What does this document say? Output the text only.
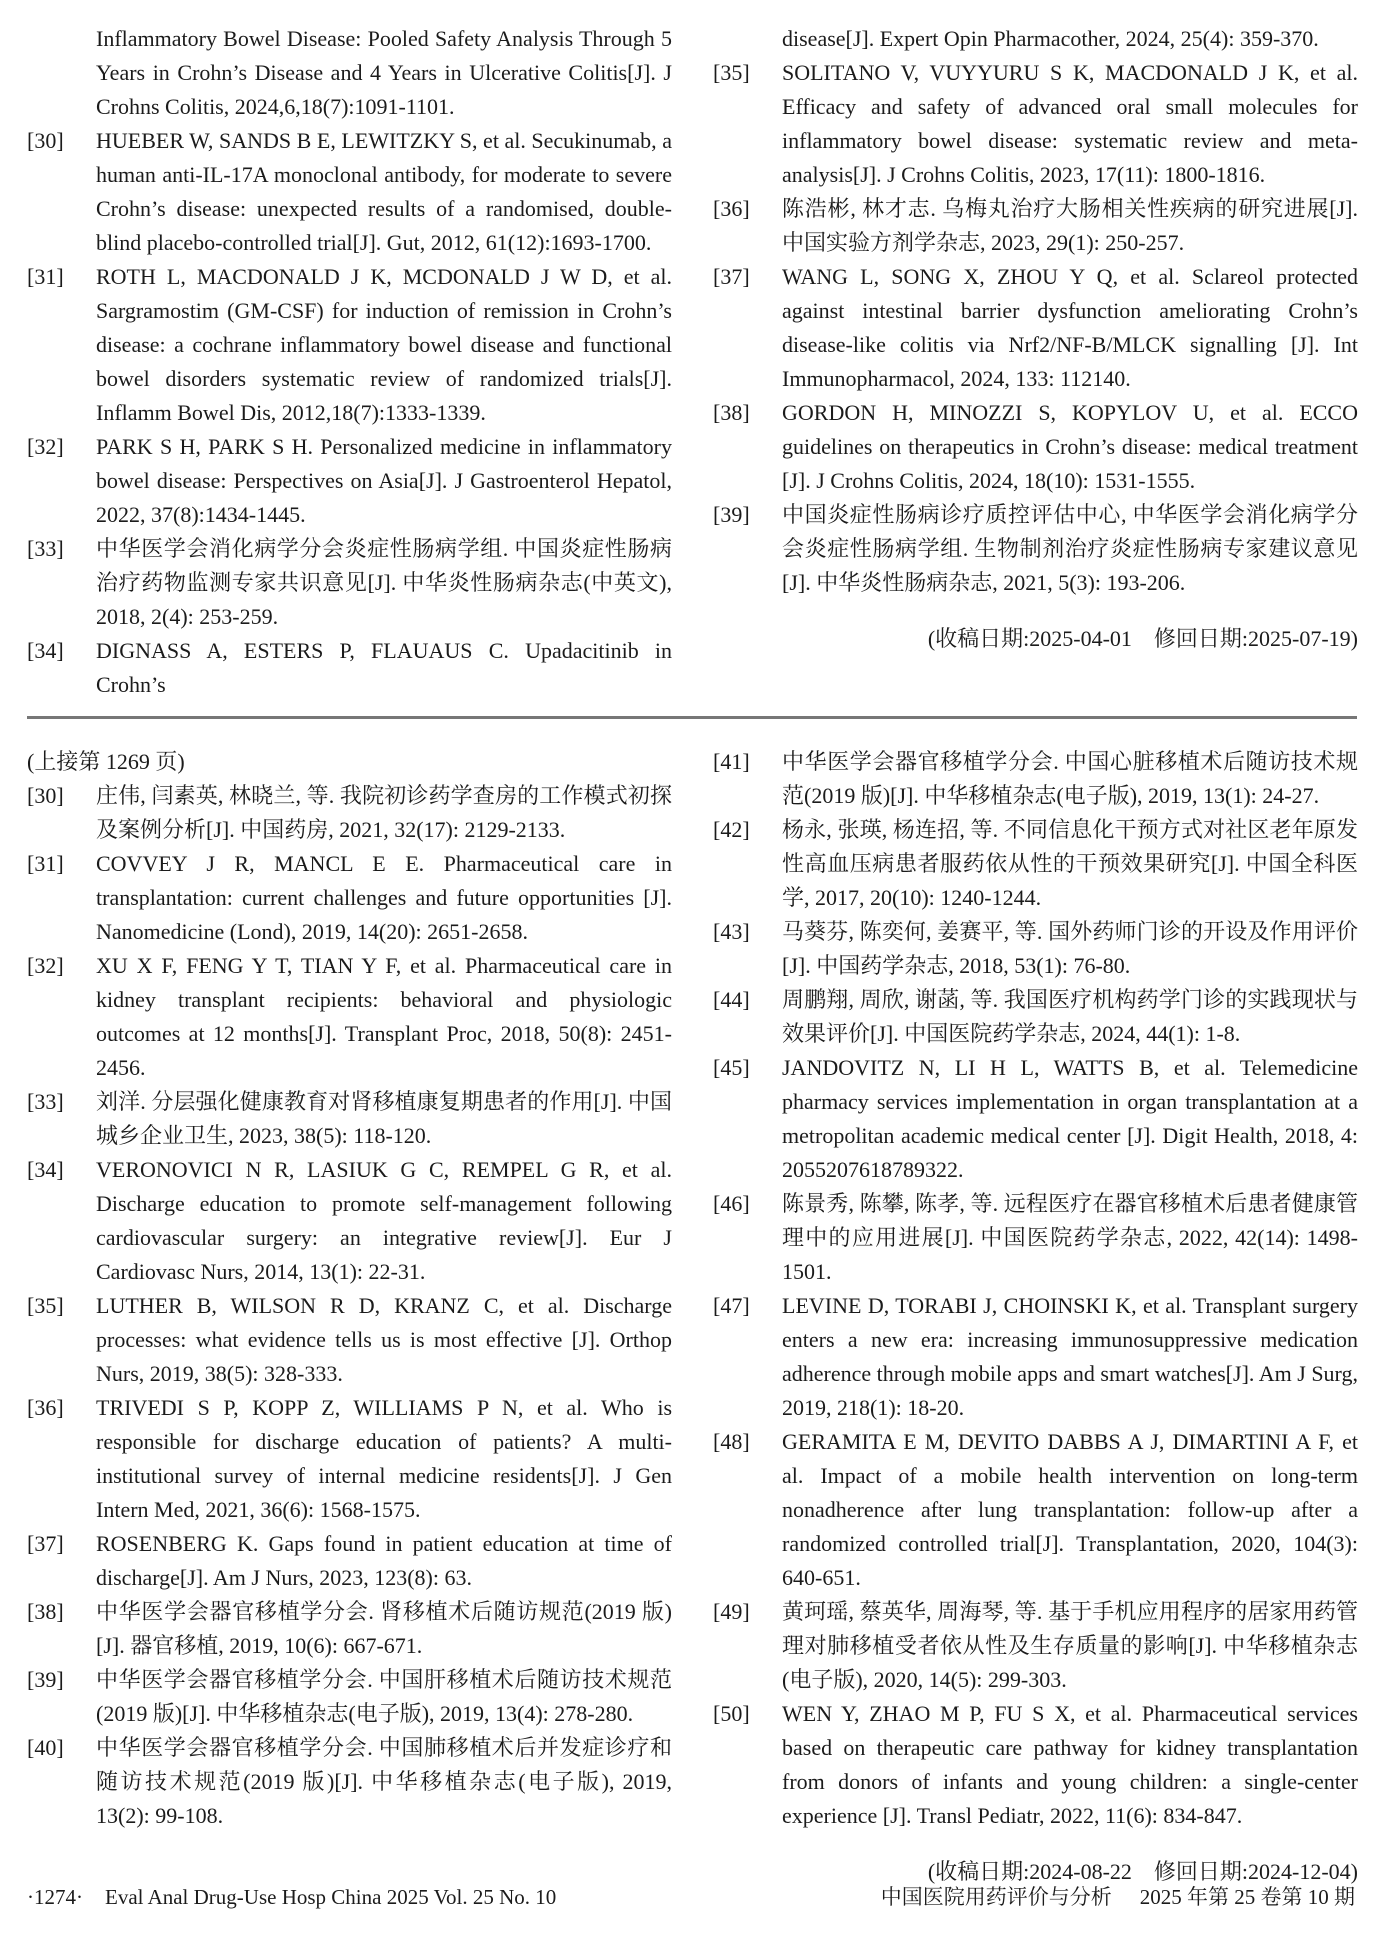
Inflammatory Bowel Disease: Pooled Safety Analysis Through 5 Years in Crohn’s Disease and 4 Years in Ulcerative Colitis[J]. J Crohns Colitis, 2024,6,18(7):1091-1101.
[30]	HUEBER W, SANDS B E, LEWITZKY S, et al. Secukinumab, a human anti-IL-17A monoclonal antibody, for moderate to severe Crohn’s disease: unexpected results of a randomised, double-blind placebo-controlled trial[J]. Gut, 2012, 61(12):1693-1700.
[31]	ROTH L, MACDONALD J K, MCDONALD J W D, et al. Sargramostim (GM-CSF) for induction of remission in Crohn’s disease: a cochrane inflammatory bowel disease and functional bowel disorders systematic review of randomized trials[J]. Inflamm Bowel Dis, 2012,18(7):1333-1339.
[32]	PARK S H, PARK S H. Personalized medicine in inflammatory bowel disease: Perspectives on Asia[J]. J Gastroenterol Hepatol, 2022, 37(8):1434-1445.
[33]	中华医学会消化病学分会炎症性肠病学组. 中国炎症性肠病治疗药物监测专家共识意见[J]. 中华炎性肠病杂志(中英文), 2018, 2(4): 253-259.
[34]	DIGNASS A, ESTERS P, FLAUAUS C. Upadacitinib in Crohn’s
disease[J]. Expert Opin Pharmacother, 2024, 25(4): 359-370.
[35]	SOLITANO V, VUYYURU S K, MACDONALD J K, et al. Efficacy and safety of advanced oral small molecules for inflammatory bowel disease: systematic review and meta-analysis[J]. J Crohns Colitis, 2023, 17(11): 1800-1816.
[36]	陈浩彬, 林才志. 乌梅丸治疗大肠相关性疾病的研究进展[J]. 中国实验方剂学杂志, 2023, 29(1): 250-257.
[37]	WANG L, SONG X, ZHOU Y Q, et al. Sclareol protected against intestinal barrier dysfunction ameliorating Crohn’s disease-like colitis via Nrf2/NF-B/MLCK signalling [J]. Int Immunopharmacol, 2024, 133: 112140.
[38]	GORDON H, MINOZZI S, KOPYLOV U, et al. ECCO guidelines on therapeutics in Crohn’s disease: medical treatment [J]. J Crohns Colitis, 2024, 18(10): 1531-1555.
[39]	中国炎症性肠病诊疗质控评估中心, 中华医学会消化病学分会炎症性肠病学组. 生物制剂治疗炎症性肠病专家建议意见[J]. 中华炎性肠病杂志, 2021, 5(3): 193-206.
(收稿日期:2025-04-01　修回日期:2025-07-19)
(上接第 1269 页)
[30]	庄伟, 闫素英, 林晓兰, 等. 我院初诊药学查房的工作模式初探及案例分析[J]. 中国药房, 2021, 32(17): 2129-2133.
[31]	COVVEY J R, MANCL E E. Pharmaceutical care in transplantation: current challenges and future opportunities [J]. Nanomedicine (Lond), 2019, 14(20): 2651-2658.
[32]	XU X F, FENG Y T, TIAN Y F, et al. Pharmaceutical care in kidney transplant recipients: behavioral and physiologic outcomes at 12 months[J]. Transplant Proc, 2018, 50(8): 2451-2456.
[33]	刘洋. 分层强化健康教育对肾移植康复期患者的作用[J]. 中国城乡企业卫生, 2023, 38(5): 118-120.
[34]	VERONOVICI N R, LASIUK G C, REMPEL G R, et al. Discharge education to promote self-management following cardiovascular surgery: an integrative review[J]. Eur J Cardiovasc Nurs, 2014, 13(1): 22-31.
[35]	LUTHER B, WILSON R D, KRANZ C, et al. Discharge processes: what evidence tells us is most effective [J]. Orthop Nurs, 2019, 38(5): 328-333.
[36]	TRIVEDI S P, KOPP Z, WILLIAMS P N, et al. Who is responsible for discharge education of patients? A multi-institutional survey of internal medicine residents[J]. J Gen Intern Med, 2021, 36(6): 1568-1575.
[37]	ROSENBERG K. Gaps found in patient education at time of discharge[J]. Am J Nurs, 2023, 123(8): 63.
[38]	中华医学会器官移植学分会. 肾移植术后随访规范(2019 版)[J]. 器官移植, 2019, 10(6): 667-671.
[39]	中华医学会器官移植学分会. 中国肝移植术后随访技术规范(2019 版)[J]. 中华移植杂志(电子版), 2019, 13(4): 278-280.
[40]	中华医学会器官移植学分会. 中国肺移植术后并发症诊疗和随访技术规范(2019 版)[J]. 中华移植杂志(电子版), 2019, 13(2): 99-108.
[41]	中华医学会器官移植学分会. 中国心脏移植术后随访技术规范(2019 版)[J]. 中华移植杂志(电子版), 2019, 13(1): 24-27.
[42]	杨永, 张瑛, 杨连招, 等. 不同信息化干预方式对社区老年原发性高血压病患者服药依从性的干预效果研究[J]. 中国全科医学, 2017, 20(10): 1240-1244.
[43]	马葵芬, 陈奕何, 姜赛平, 等. 国外药师门诊的开设及作用评价[J]. 中国药学杂志, 2018, 53(1): 76-80.
[44]	周鹏翔, 周欣, 谢菡, 等. 我国医疗机构药学门诊的实践现状与效果评价[J]. 中国医院药学杂志, 2024, 44(1): 1-8.
[45]	JANDOVITZ N, LI H L, WATTS B, et al. Telemedicine pharmacy services implementation in organ transplantation at a metropolitan academic medical center [J]. Digit Health, 2018, 4: 2055207618789322.
[46]	陈景秀, 陈攀, 陈孝, 等. 远程医疗在器官移植术后患者健康管理中的应用进展[J]. 中国医院药学杂志, 2022, 42(14): 1498-1501.
[47]	LEVINE D, TORABI J, CHOINSKI K, et al. Transplant surgery enters a new era: increasing immunosuppressive medication adherence through mobile apps and smart watches[J]. Am J Surg, 2019, 218(1): 18-20.
[48]	GERAMITA E M, DEVITO DABBS A J, DIMARTINI A F, et al. Impact of a mobile health intervention on long-term nonadherence after lung transplantation: follow-up after a randomized controlled trial[J]. Transplantation, 2020, 104(3): 640-651.
[49]	黄珂瑶, 蔡英华, 周海琴, 等. 基于手机应用程序的居家用药管理对肺移植受者依从性及生存质量的影响[J]. 中华移植杂志(电子版), 2020, 14(5): 299-303.
[50]	WEN Y, ZHAO M P, FU S X, et al. Pharmaceutical services based on therapeutic care pathway for kidney transplantation from donors of infants and young children: a single-center experience [J]. Transl Pediatr, 2022, 11(6): 834-847.
(收稿日期:2024-08-22　修回日期:2024-12-04)
·1274· Eval Anal Drug-Use Hosp China 2025 Vol. 25 No. 10	中国医院用药评价与分析 2025 年第 25 卷第 10 期
